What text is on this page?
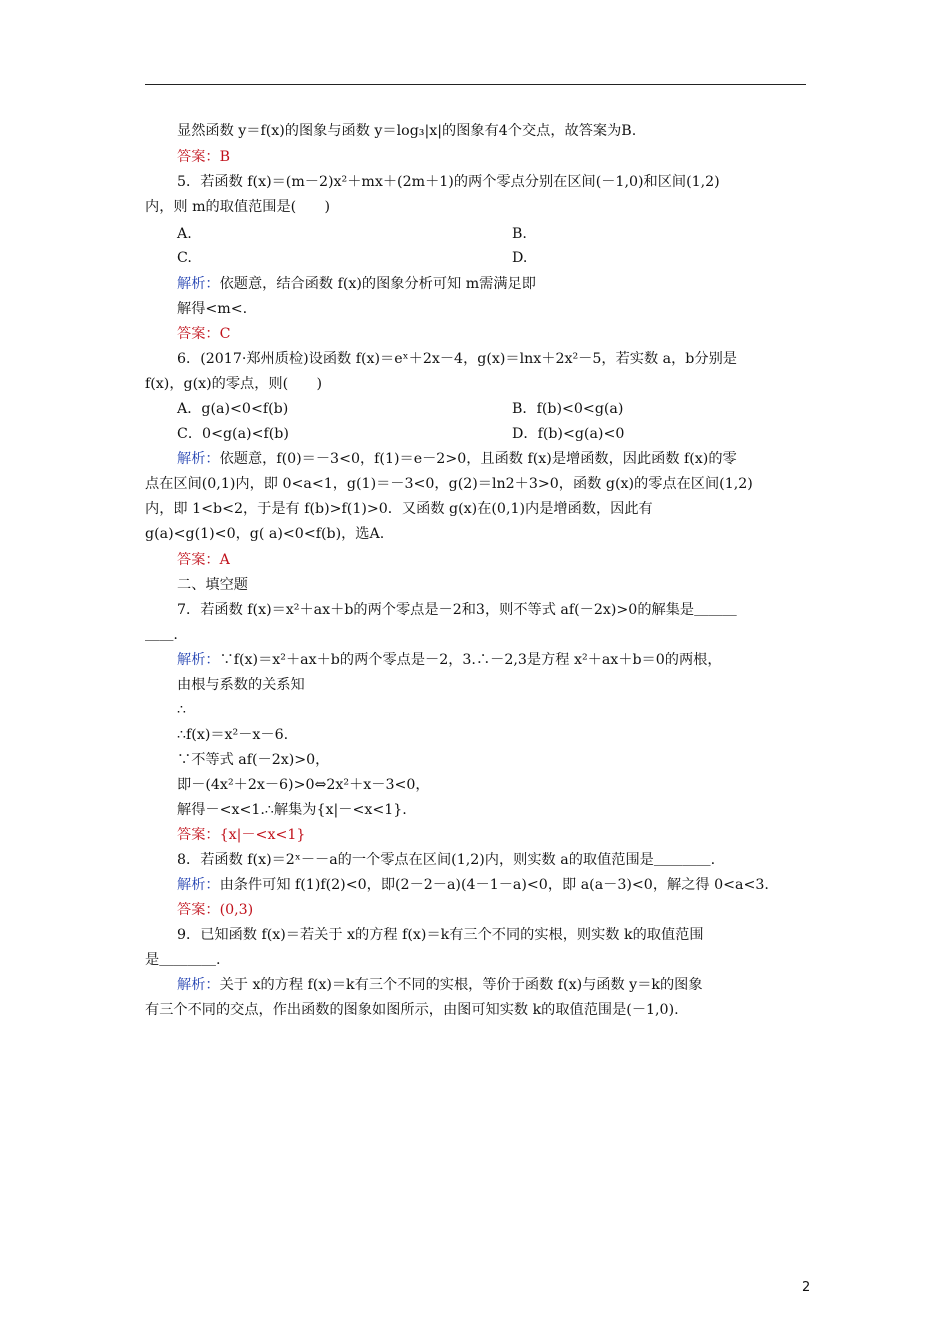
显然函数 y＝f(x)的图象与函数 y＝log₃|x|的图象有4个交点，故答案为B.
答案：B
5．若函数 f(x)＝(m－2)x²＋mx＋(2m＋1)的两个零点分别在区间(－1,0)和区间(1,2)
内，则 m的取值范围是(　　)
A.	B.
C.	D.
解析：依题意，结合函数 f(x)的图象分析可知 m需满足即
解得<m<.
答案：C
6．(2017·郑州质检)设函数 f(x)＝eˣ＋2x－4，g(x)＝lnx＋2x²－5，若实数 a，b分别是
f(x)，g(x)的零点，则(　　)
A．g(a)<0<f(b)	B．f(b)<0<g(a)
C．0<g(a)<f(b)	D．f(b)<g(a)<0
解析：依题意，f(0)＝－3<0，f(1)＝e－2>0，且函数 f(x)是增函数，因此函数 f(x)的零
点在区间(0,1)内，即 0<a<1，g(1)＝－3<0，g(2)＝ln2＋3>0，函数 g(x)的零点在区间(1,2)
内，即 1<b<2，于是有 f(b)>f(1)>0．又函数 g(x)在(0,1)内是增函数，因此有
g(a)<g(1)<0，g( a)<0<f(b)，选A.
答案：A
二、填空题
7．若函数 f(x)＝x²＋ax＋b的两个零点是－2和3，则不等式 af(－2x)>0的解集是＿＿＿
＿＿.
解析：∵f(x)＝x²＋ax＋b的两个零点是－2，3.∴－2,3是方程 x²＋ax＋b＝0的两根，
由根与系数的关系知
∴
∴f(x)＝x²－x－6.
∵不等式 af(－2x)>0，
即－(4x²＋2x－6)>0⇔2x²＋x－3<0，
解得－<x<1.∴解集为{x|－<x<1}.
答案：{x|－<x<1}
8．若函数 f(x)＝2ˣ－－a的一个零点在区间(1,2)内，则实数 a的取值范围是＿＿＿＿.
解析：由条件可知 f(1)f(2)<0，即(2－2－a)(4－1－a)<0，即 a(a－3)<0，解之得 0<a<3.
答案：(0,3)
9．已知函数 f(x)＝若关于 x的方程 f(x)＝k有三个不同的实根，则实数 k的取值范围
是＿＿＿＿.
解析：关于 x的方程 f(x)＝k有三个不同的实根，等价于函数 f(x)与函数 y＝k的图象
有三个不同的交点，作出函数的图象如图所示，由图可知实数 k的取值范围是(－1,0).
2
